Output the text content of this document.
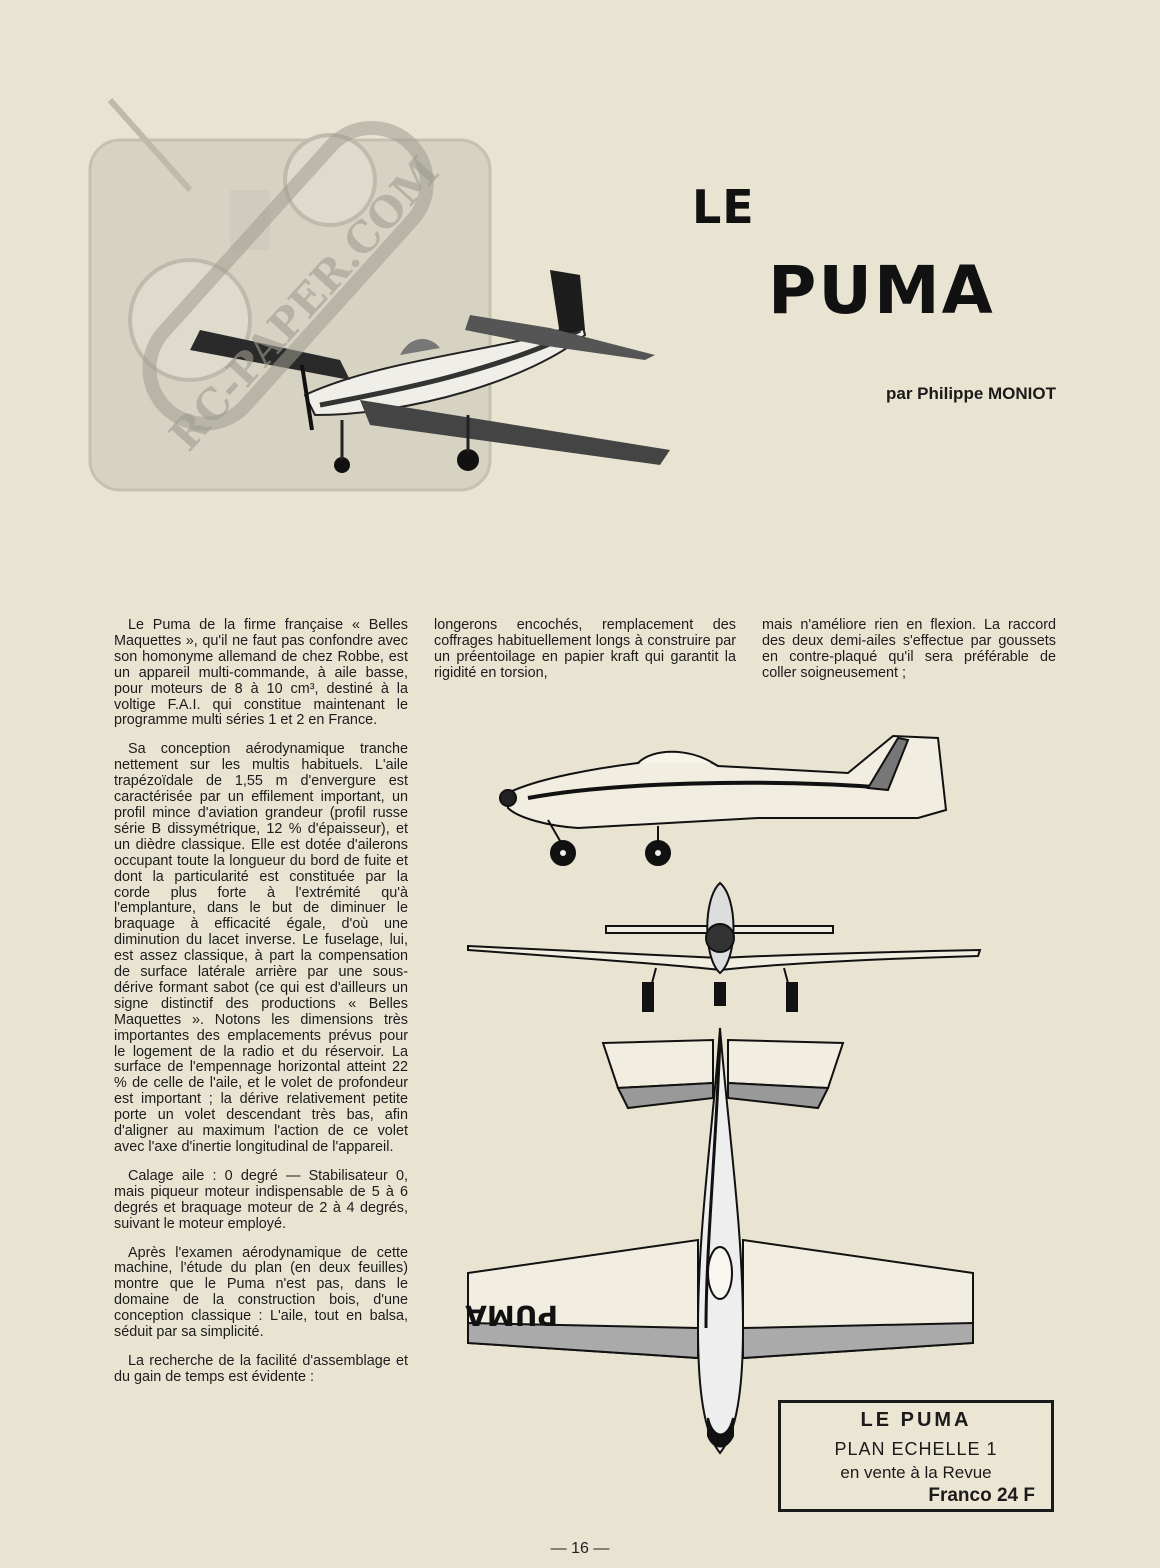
RC-PAPER.COM	LE
PUMA
par Philippe MONIOT

Le Puma de la firme française « Belles Maquettes », qu'il ne faut pas confondre avec son homonyme allemand de chez Robbe, est un appareil multi-commande, à aile basse, pour moteurs de 8 à 10 cm³, destiné à la voltige F.A.I. qui constitue maintenant le programme multi séries 1 et 2 en France.

Sa conception aérodynamique tranche nettement sur les multis habituels. L'aile trapézoïdale de 1,55 m d'envergure est caractérisée par un effilement important, un profil mince d'aviation grandeur (profil russe série B dissymétrique, 12 % d'épaisseur), et un dièdre classique. Elle est dotée d'ailerons occupant toute la longueur du bord de fuite et dont la particularité est constituée par la corde plus forte à l'extrémité qu'à l'emplanture, dans le but de diminuer le braquage à efficacité égale, d'où une diminution du lacet inverse. Le fuselage, lui, est assez classique, à part la compensation de surface latérale arrière par une sous-dérive formant sabot (ce qui est d'ailleurs un signe distinctif des productions « Belles Maquettes ». Notons les dimensions très importantes des emplacements prévus pour le logement de la radio et du réservoir. La surface de l'empennage horizontal atteint 22 % de celle de l'aile, et le volet de profondeur est important ; la dérive relativement petite porte un volet descendant très bas, afin d'aligner au maximum l'action de ce volet avec l'axe d'inertie longitudinal de l'appareil.

Calage aile : 0 degré — Stabilisateur 0, mais piqueur moteur indispensable de 5 à 6 degrés et braquage moteur de 2 à 4 degrés, suivant le moteur employé.

Après l'examen aérodynamique de cette machine, l'étude du plan (en deux feuilles) montre que le Puma n'est pas, dans le domaine de la construction bois, d'une conception classique : L'aile, tout en balsa, séduit par sa simplicité.

La recherche de la facilité d'assemblage et du gain de temps est évidente :

longerons encochés, remplacement des coffrages habituellement longs à construire par un préentoilage en papier kraft qui garantit la rigidité en torsion,

mais n'améliore rien en flexion. La raccord des deux demi-ailes s'effectue par goussets en contre-plaqué qu'il sera préférable de coller soigneusement ;

PUMA
LE PUMA
PLAN ECHELLE 1
en vente à la Revue
Franco 24 F
— 16 —
